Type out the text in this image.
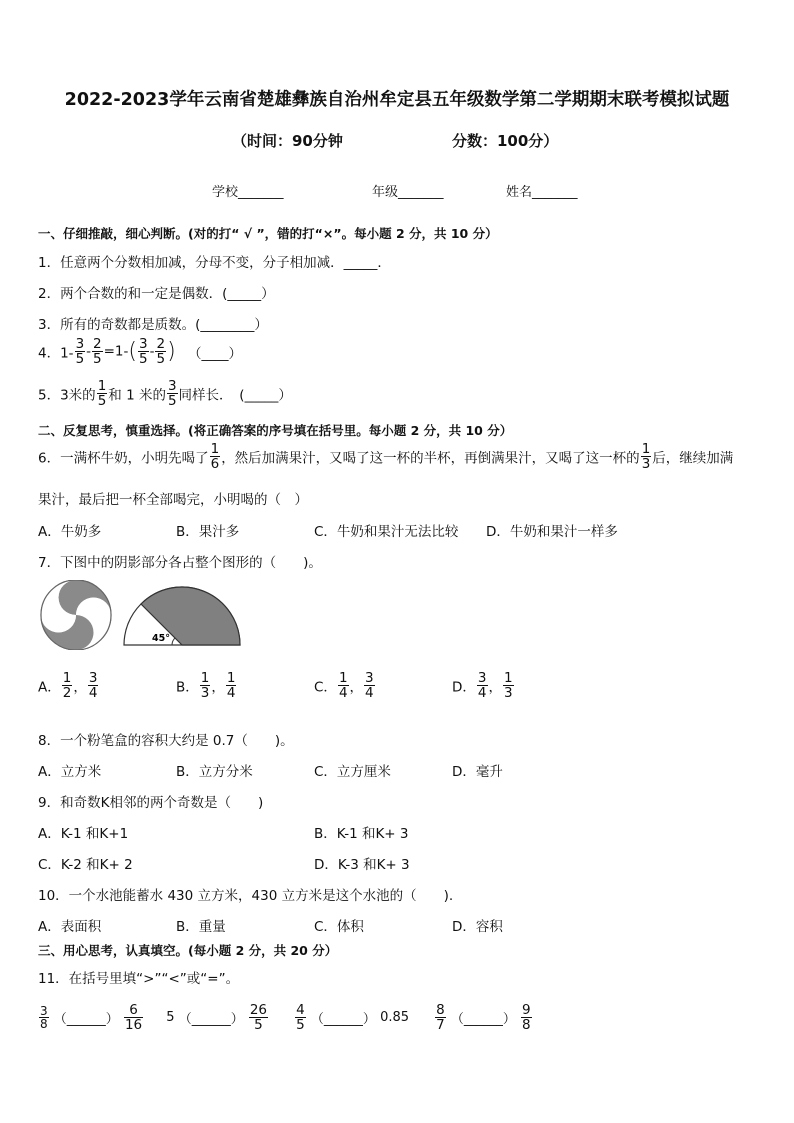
2022-2023学年云南省楚雄彝族自治州牟定县五年级数学第二学期期末联考模拟试题
（时间：90分钟	分数：100分）
学校_______	年级_______	姓名_______
一、仔细推敲，细心判断。(对的打“ √ ”，错的打“×”。每小题 2 分，共 10 分）
1．任意两个分数相加减，分母不变，分子相加减．_____．
2．两个合数的和一定是偶数．(_____）
3．所有的奇数都是质数。(________）
4．$1- \frac{3}{5} - \frac{2}{5} =1-( \frac{3}{5} - \frac{2}{5}$ ) （____）
5．3米的 $\frac{1}{5}$ 和 1 米的 $\frac{3}{5}$ 同样长．　(_____）
二、反复思考，慎重选择。(将正确答案的序号填在括号里。每小题 2 分，共 10 分）
6．一满杯牛奶，小明先喝了 $\frac{1}{6}$ ，然后加满果汁，又喝了这一杯的半杯，再倒满果汁，又喝了这一杯的 $\frac{1}{3}$ 后，继续加满
果汁，最后把一杯全部喝完，小明喝的（　）
A．牛奶多	B．果汁多	C．牛奶和果汁无法比较 D．牛奶和果汁一样多
7．下图中的阴影部分各占整个图形的（　　)。
45°
A． $\frac{1}{2}$ ， $\frac{3}{4}$	B． $\frac{1}{3}$ ， $\frac{1}{4}$	C． $\frac{1}{4}$ ， $\frac{3}{4}$	D． $\frac{3}{4}$ ， $\frac{1}{3}$
8．一个粉笔盒的容积大约是 0.7（　　)。
A．立方米	B．立方分米	C．立方厘米	D．毫升
9．和奇数K相邻的两个奇数是（　　)
A．K-1 和K+1	B．K-1 和K+ 3
C．K-2 和K+ 2	D．K-3 和K+ 3
10．一个水池能蓄水 430 立方米，430 立方米是这个水池的（　　).
A．表面积	B．重量	C．体积	D．容积
三、用心思考，认真填空。(每小题 2 分，共 20 分）
11．在括号里填“>”“<”或“=”。
$\frac{3}{8}$ （______） $\frac{6}{16} 5$ （______） $\frac{26}{5}$
$\frac{4}{5}$ （______） $0.85 \frac{8}{7}$ （______） $\frac{9}{8}$
